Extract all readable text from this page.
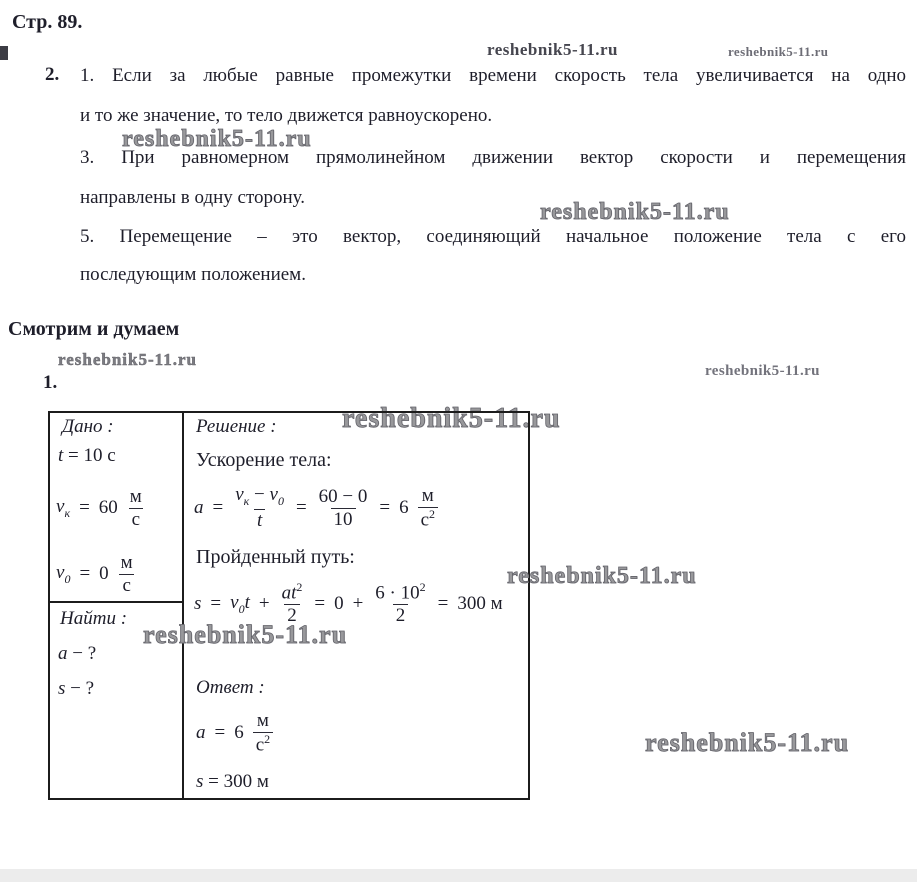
Стр. 89.
reshebnik5-11.ru	reshebnik5-11.ru
2. 1. Если за любые равные промежутки времени скорость тела увеличивается на одно
и то же значение, то тело движется равноускорено.
reshebnik5-11.ru
3. При равномерном прямолинейном движении вектор скорости и перемещения
направлены в одну сторону.
reshebnik5-11.ru
5. Перемещение – это вектор, соединяющий начальное положение тела с его
последующим положением.
Смотрим и думаем
reshebnik5-11.ru
1.
reshebnik5-11.ru
reshebnik5-11.ru
Дано :
t = 10 с
$v_к = 60 \frac{м}{с}$
$v_0 = 0 \frac{м}{с}$
Найти :
a − ?
s − ?
Решение :
Ускорение тела:
$a = \frac{v_к - v_0}{t} = \frac{60 - 0}{10} = 6 \frac{м}{с^2}$
Пройденный путь:
$s = v_0t + \frac{at^2}{2} = 0 + \frac{6 \cdot 10^2}{2} = 300$ м
Ответ :
$a = 6 \frac{м}{с^2}$
s = 300 м
reshebnik5-11.ru
reshebnik5-11.ru
reshebnik5-11.ru
